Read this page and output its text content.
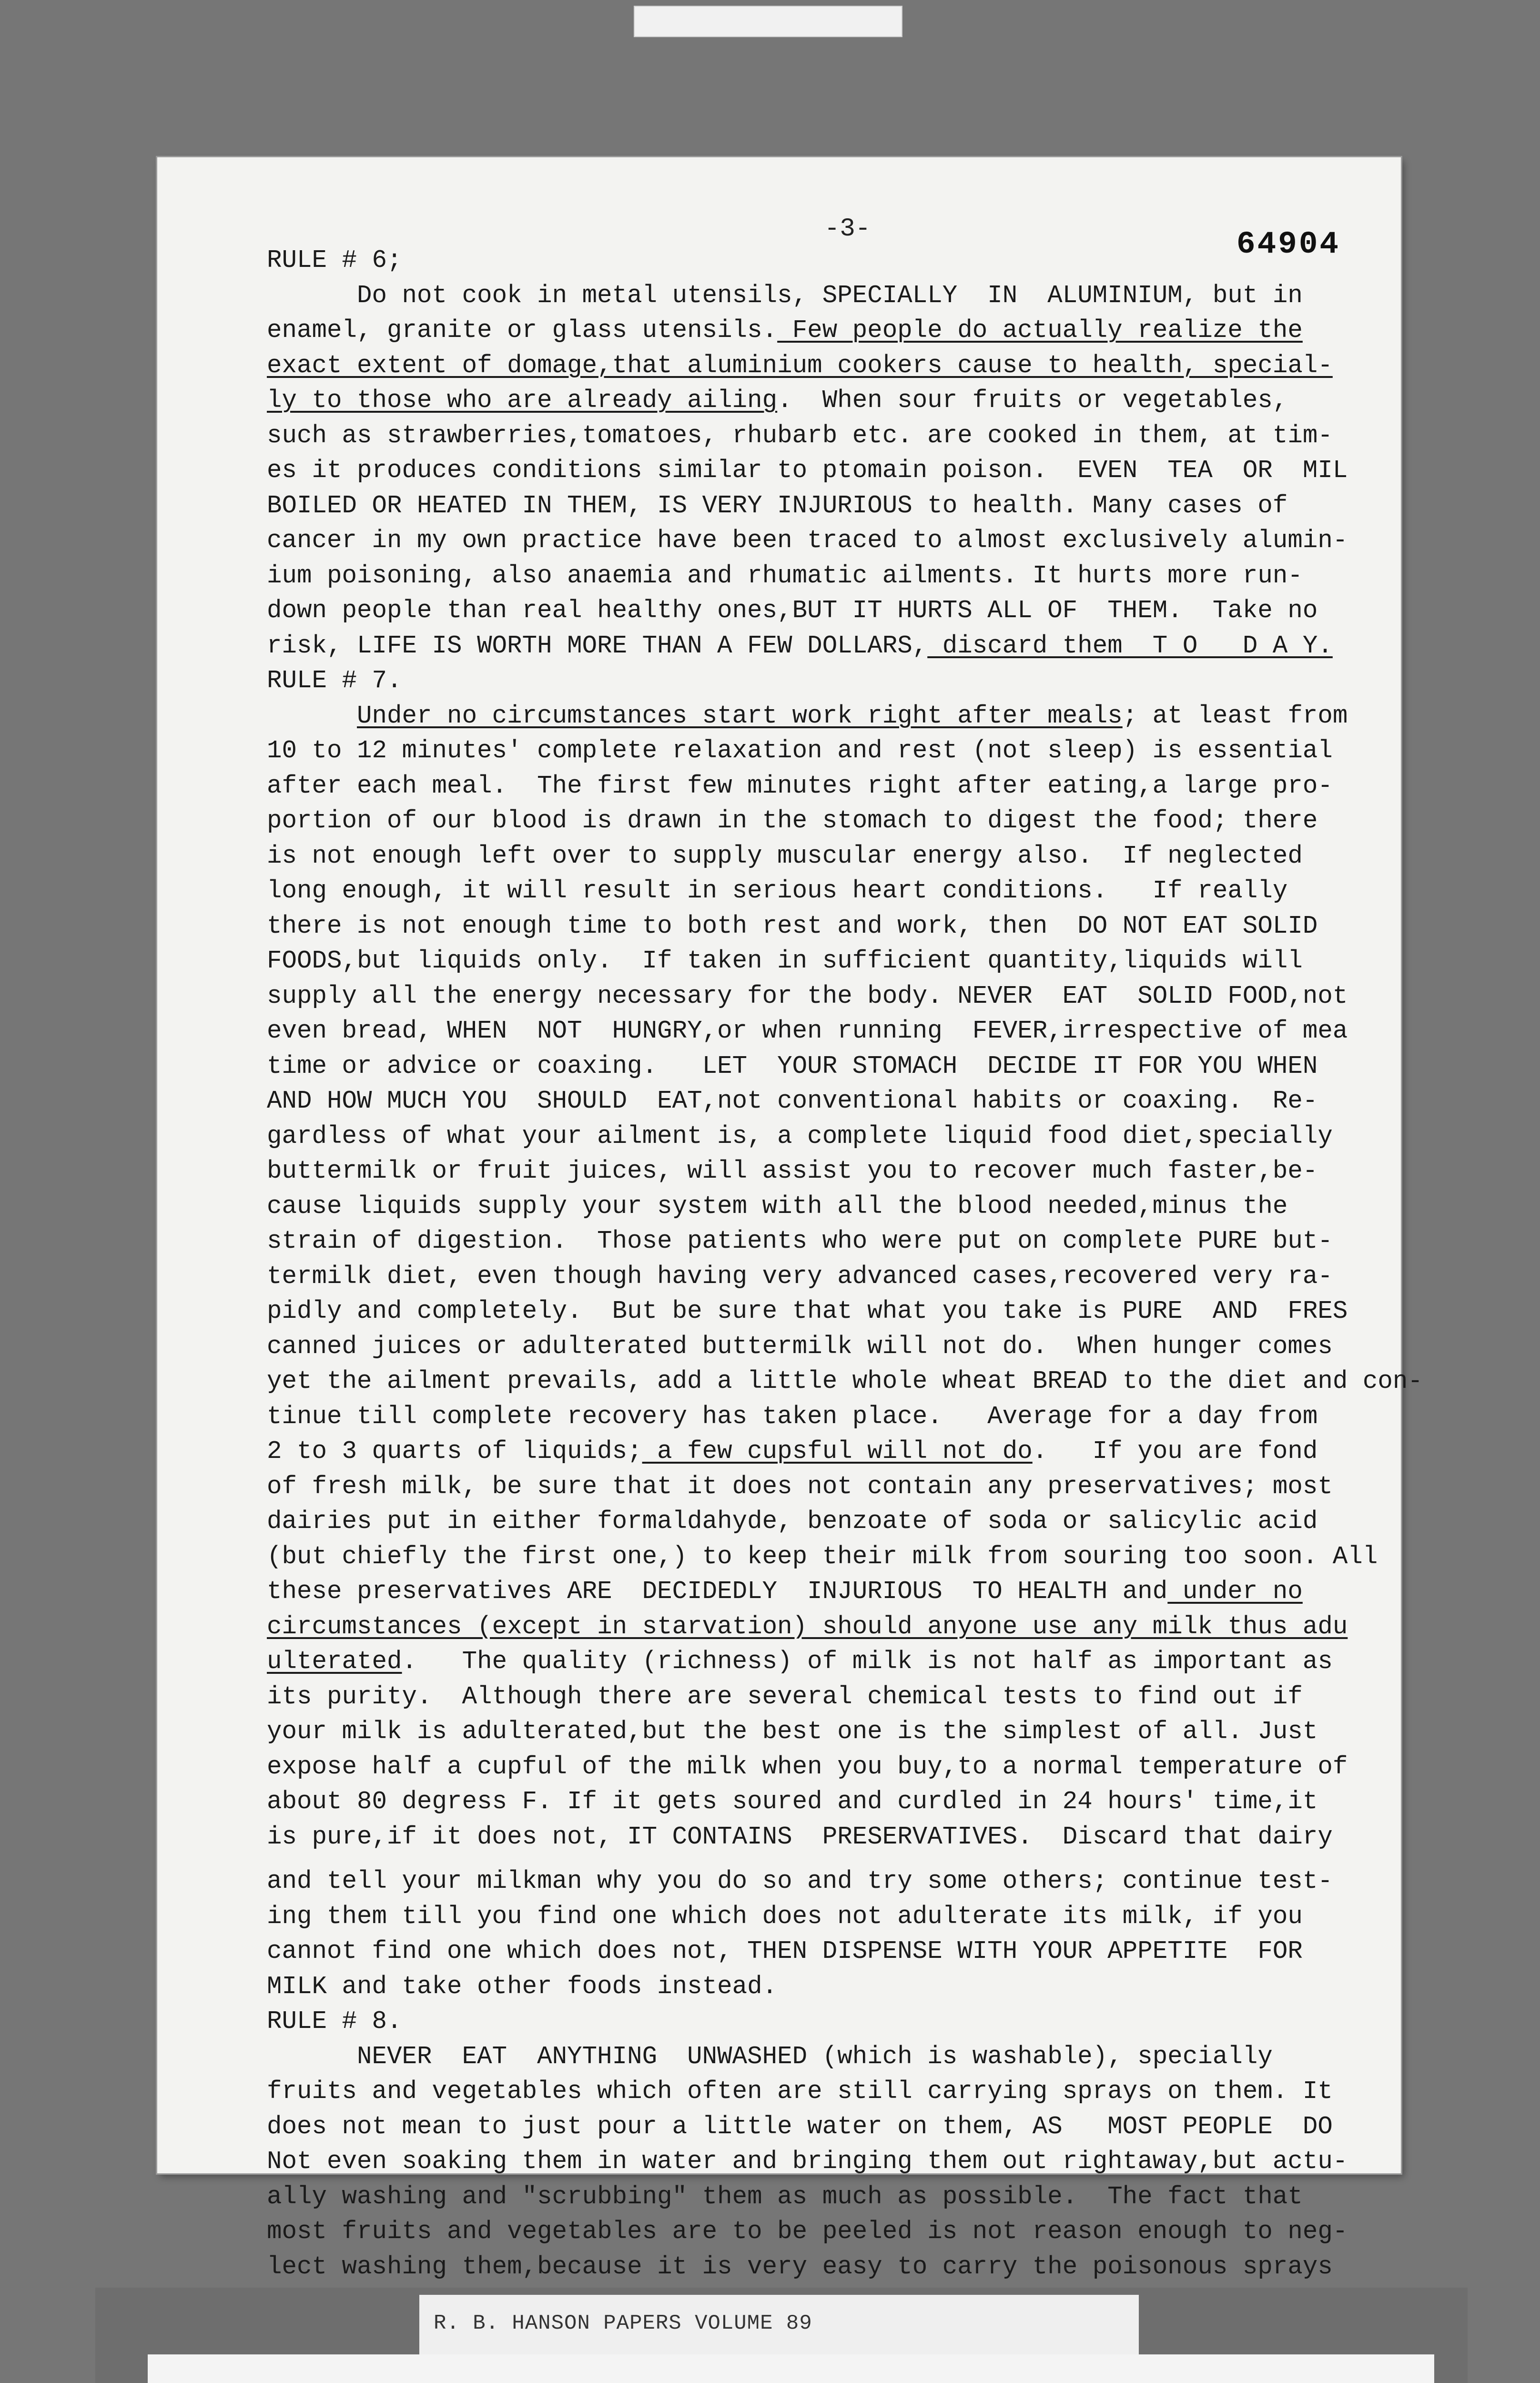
-3-	64904
RULE # 6;
Do not cook in metal utensils, SPECIALLY  IN  ALUMINIUM, but in
enamel, granite or glass utensils. Few people do actually realize the
exact extent of domage,that aluminium cookers cause to health, special-
ly to those who are already ailing.  When sour fruits or vegetables,
such as strawberries,tomatoes, rhubarb etc. are cooked in them, at tim-
es it produces conditions similar to ptomain poison.  EVEN  TEA  OR  MIL
BOILED OR HEATED IN THEM, IS VERY INJURIOUS to health. Many cases of
cancer in my own practice have been traced to almost exclusively alumin-
ium poisoning, also anaemia and rhumatic ailments. It hurts more run-
down people than real healthy ones,BUT IT HURTS ALL OF  THEM.  Take no
risk, LIFE IS WORTH MORE THAN A FEW DOLLARS, discard them  T O   D A Y.
RULE # 7.
Under no circumstances start work right after meals; at least from
10 to 12 minutes' complete relaxation and rest (not sleep) is essential
after each meal.  The first few minutes right after eating,a large pro-
portion of our blood is drawn in the stomach to digest the food; there
is not enough left over to supply muscular energy also.  If neglected
long enough, it will result in serious heart conditions.   If really
there is not enough time to both rest and work, then  DO NOT EAT SOLID
FOODS,but liquids only.  If taken in sufficient quantity,liquids will
supply all the energy necessary for the body. NEVER  EAT  SOLID FOOD,not
even bread, WHEN  NOT  HUNGRY,or when running  FEVER,irrespective of mea
time or advice or coaxing.   LET  YOUR STOMACH  DECIDE IT FOR YOU WHEN
AND HOW MUCH YOU  SHOULD  EAT,not conventional habits or coaxing.  Re-
gardless of what your ailment is, a complete liquid food diet,specially
buttermilk or fruit juices, will assist you to recover much faster,be-
cause liquids supply your system with all the blood needed,minus the
strain of digestion.  Those patients who were put on complete PURE but-
termilk diet, even though having very advanced cases,recovered very ra-
pidly and completely.  But be sure that what you take is PURE  AND  FRES
canned juices or adulterated buttermilk will not do.  When hunger comes
yet the ailment prevails, add a little whole wheat BREAD to the diet and con-
tinue till complete recovery has taken place.   Average for a day from
2 to 3 quarts of liquids; a few cupsful will not do.   If you are fond
of fresh milk, be sure that it does not contain any preservatives; most
dairies put in either formaldahyde, benzoate of soda or salicylic acid
(but chiefly the first one,) to keep their milk from souring too soon. All
these preservatives ARE  DECIDEDLY  INJURIOUS  TO HEALTH and under no
circumstances (except in starvation) should anyone use any milk thus adu
ulterated.   The quality (richness) of milk is not half as important as
its purity.  Although there are several chemical tests to find out if
your milk is adulterated,but the best one is the simplest of all. Just
expose half a cupful of the milk when you buy,to a normal temperature of
about 80 degress F. If it gets soured and curdled in 24 hours' time,it
is pure,if it does not, IT CONTAINS  PRESERVATIVES.  Discard that dairy
and tell your milkman why you do so and try some others; continue test-
ing them till you find one which does not adulterate its milk, if you
cannot find one which does not, THEN DISPENSE WITH YOUR APPETITE  FOR
MILK and take other foods instead.
RULE # 8.
NEVER  EAT  ANYTHING  UNWASHED (which is washable), specially
fruits and vegetables which often are still carrying sprays on them. It
does not mean to just pour a little water on them, AS   MOST PEOPLE  DO
Not even soaking them in water and bringing them out rightaway,but actu-
ally washing and "scrubbing" them as much as possible.  The fact that
most fruits and vegetables are to be peeled is not reason enough to neg-
lect washing them,because it is very easy to carry the poisonous sprays
R. B. HANSON PAPERS VOLUME 89
